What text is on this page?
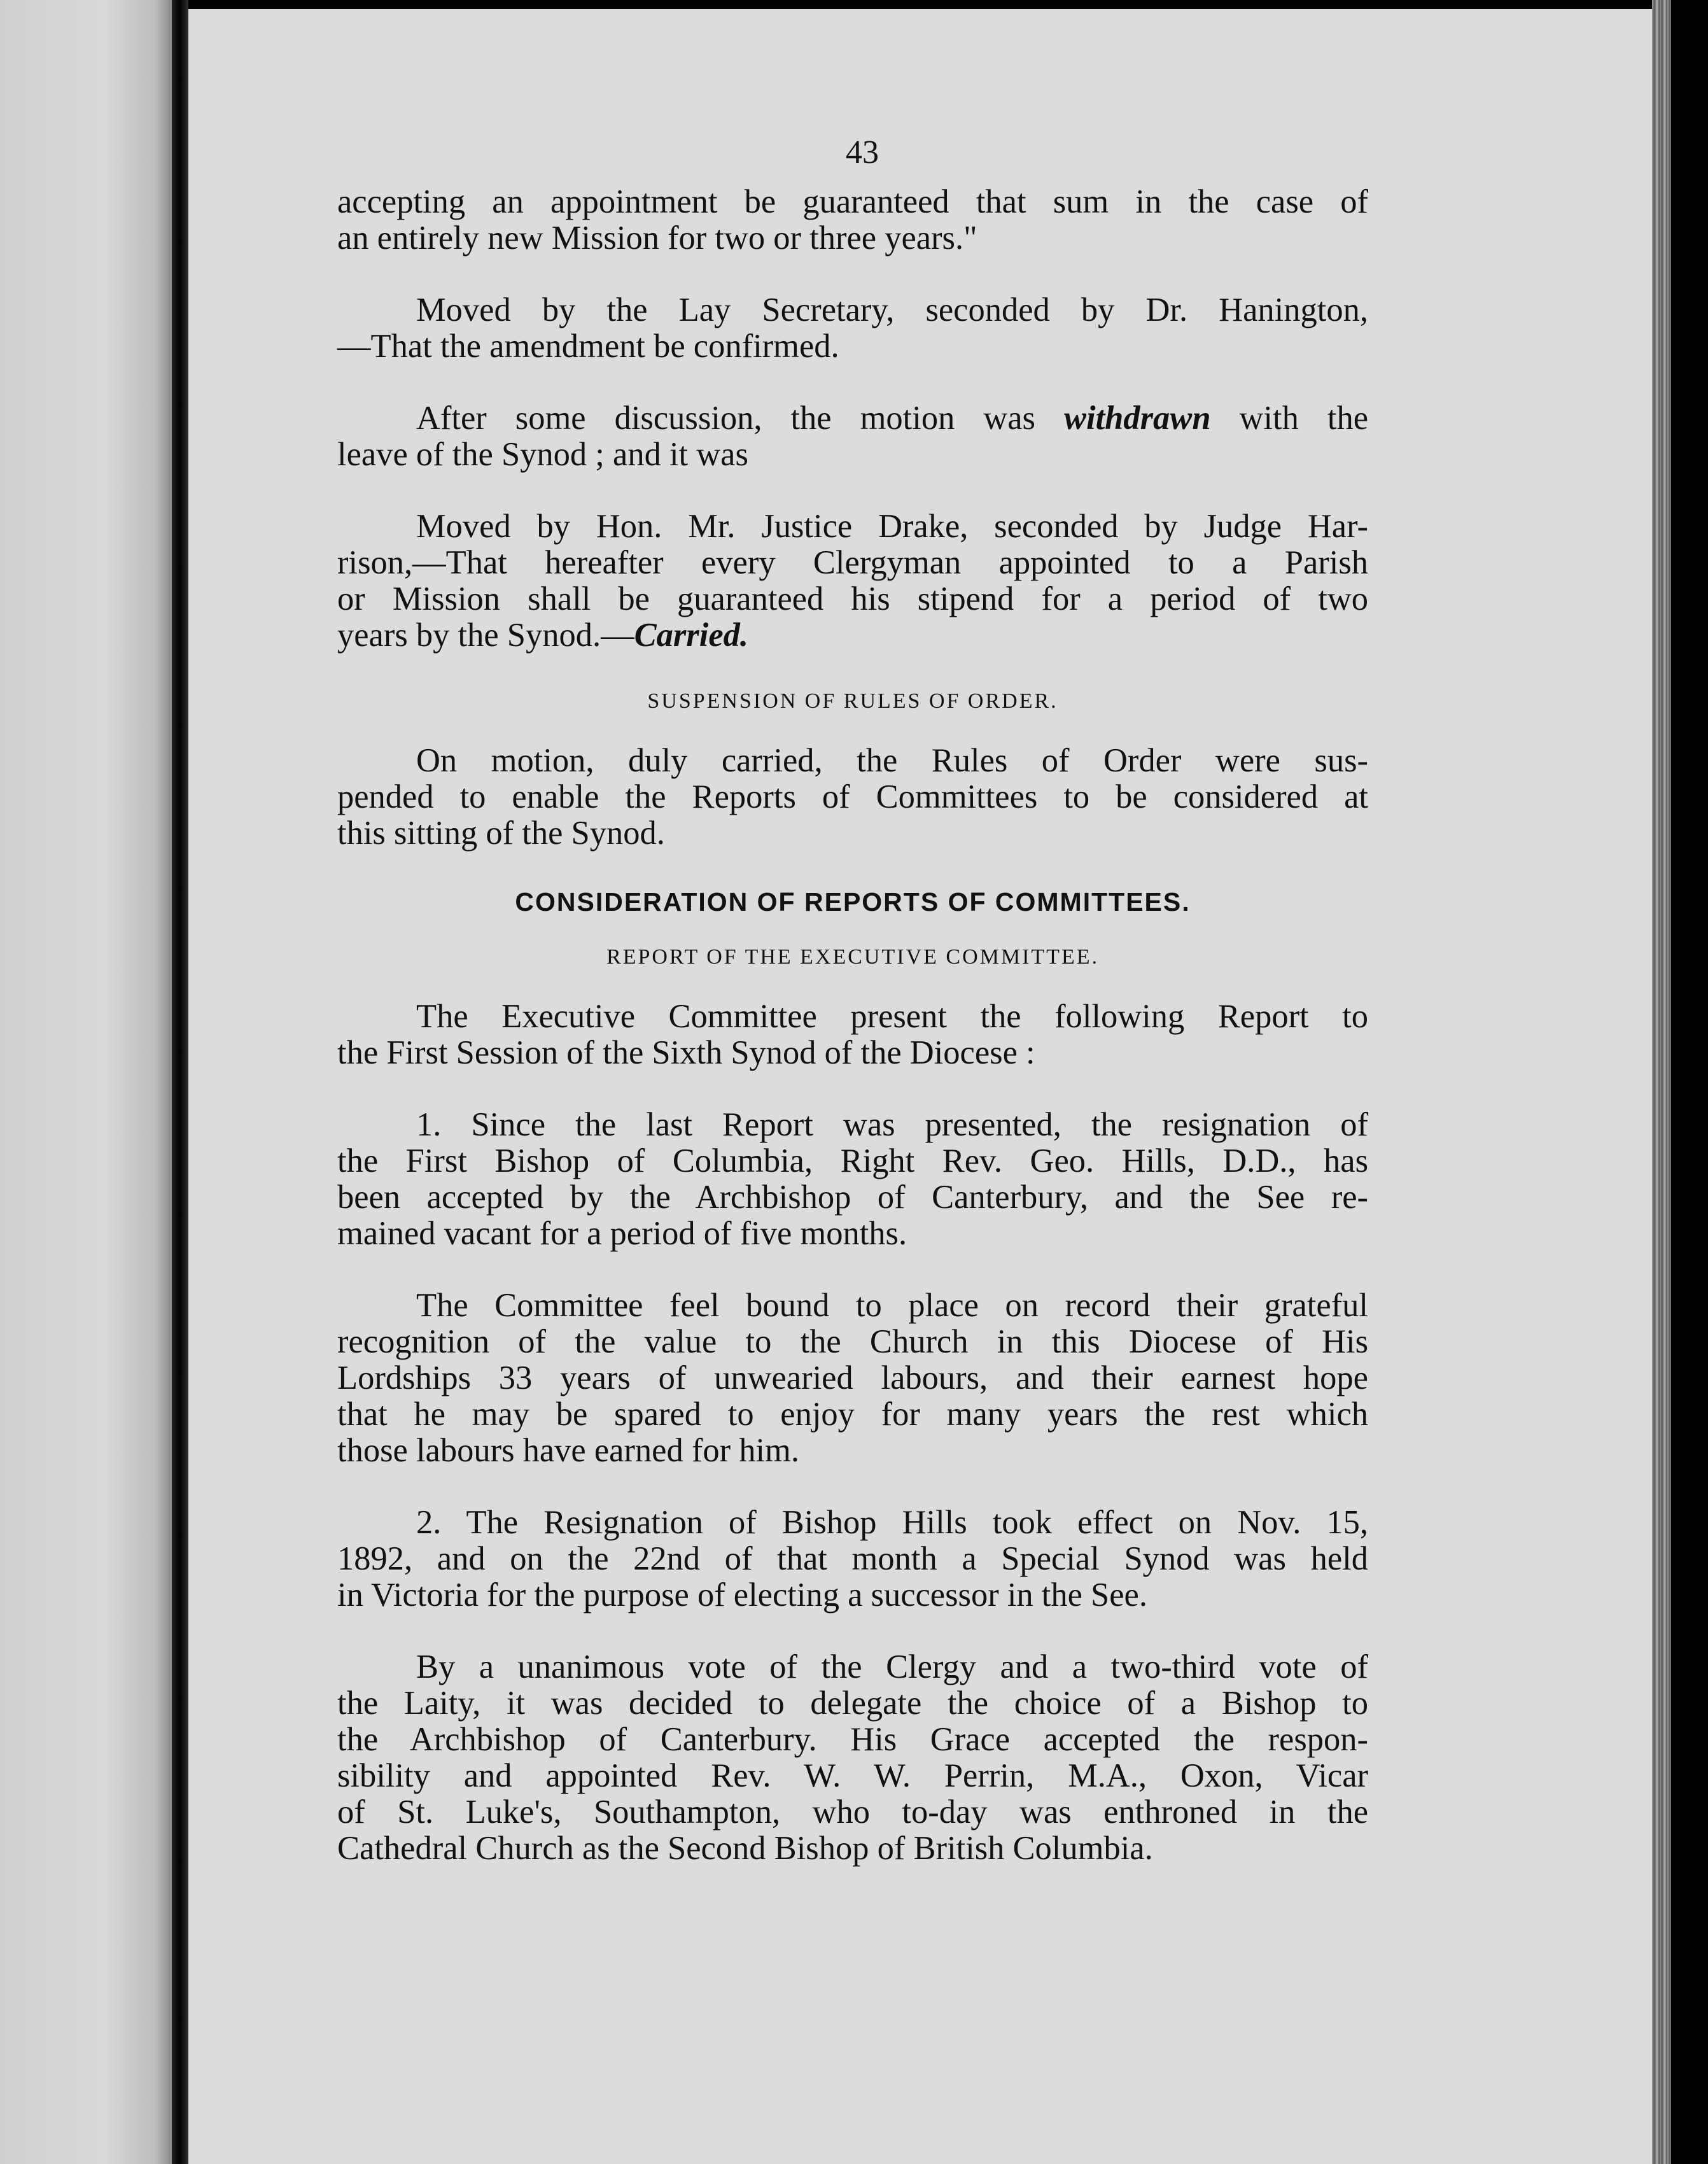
43

accepting an appointment be guaranteed that sum in the case of
an entirely new Mission for two or three years."

Moved by the Lay Secretary, seconded by Dr. Hanington,
—That the amendment be confirmed.

After some discussion, the motion was withdrawn with the
leave of the Synod ; and it was

Moved by Hon. Mr. Justice Drake, seconded by Judge Har-
rison,—That hereafter every Clergyman appointed to a Parish
or Mission shall be guaranteed his stipend for a period of two
years by the Synod.—Carried.

SUSPENSION OF RULES OF ORDER.

On motion, duly carried, the Rules of Order were sus-
pended to enable the Reports of Committees to be considered at
this sitting of the Synod.

CONSIDERATION OF REPORTS OF COMMITTEES.
REPORT OF THE EXECUTIVE COMMITTEE.

The Executive Committee present the following Report to
the First Session of the Sixth Synod of the Diocese :

1. Since the last Report was presented, the resignation of
the First Bishop of Columbia, Right Rev. Geo. Hills, D.D., has
been accepted by the Archbishop of Canterbury, and the See re-
mained vacant for a period of five months.

The Committee feel bound to place on record their grateful
recognition of the value to the Church in this Diocese of His
Lordships 33 years of unwearied labours, and their earnest hope
that he may be spared to enjoy for many years the rest which
those labours have earned for him.

2. The Resignation of Bishop Hills took effect on Nov. 15,
1892, and on the 22nd of that month a Special Synod was held
in Victoria for the purpose of electing a successor in the See.

By a unanimous vote of the Clergy and a two-third vote of
the Laity, it was decided to delegate the choice of a Bishop to
the Archbishop of Canterbury. His Grace accepted the respon-
sibility and appointed Rev. W. W. Perrin, M.A., Oxon, Vicar
of St. Luke's, Southampton, who to-day was enthroned in the
Cathedral Church as the Second Bishop of British Columbia.
